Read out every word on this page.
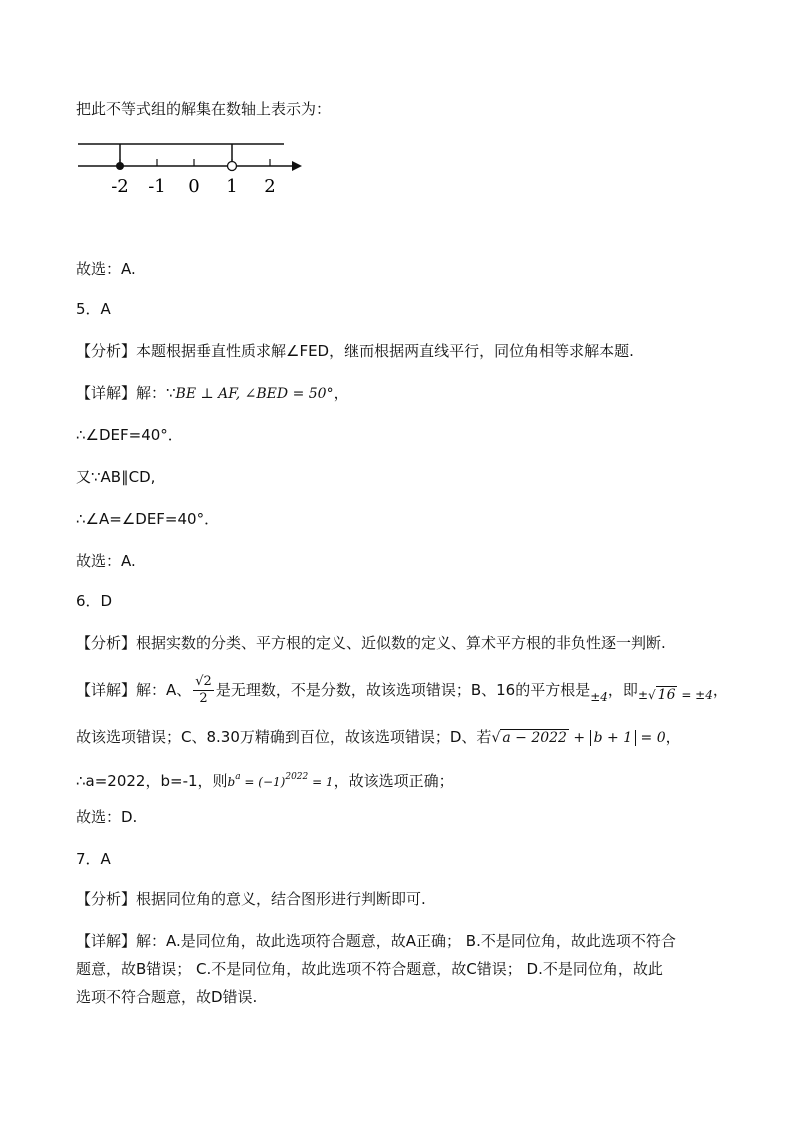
把此不等式组的解集在数轴上表示为：
-2 -1 0 1 2
故选：A.
5．A
【分析】本题根据垂直性质求解∠FED，继而根据两直线平行，同位角相等求解本题.
【详解】解：∵BE ⊥ AF, ∠BED = 50°，
∴∠DEF=40°．
又∵AB∥CD,
∴∠A=∠DEF=40°．
故选：A.
6．D
【分析】根据实数的分类、平方根的定义、近似数的定义、算术平方根的非负性逐一判断.
【详解】解：A、 $\frac{√2}{2}$ 是无理数，不是分数，故该选项错误；B、16的平方根是$_{\pm 4}$，即$_{\pm√ 16 = \pm 4}$，
故该选项错误；C、8.30万精确到百位，故该选项错误；D、若√ a − 2022 + b + 1 = 0，
∴a=2022，b=-1，则$b^a = (-1)^{2022} = 1$，故该选项正确；
故选：D.
7．A
【分析】根据同位角的意义，结合图形进行判断即可.
【详解】解：A.是同位角，故此选项符合题意，故A正确； B.不是同位角，故此选项不符合
题意，故B错误； C.不是同位角，故此选项不符合题意，故C错误； D.不是同位角，故此
选项不符合题意，故D错误.
